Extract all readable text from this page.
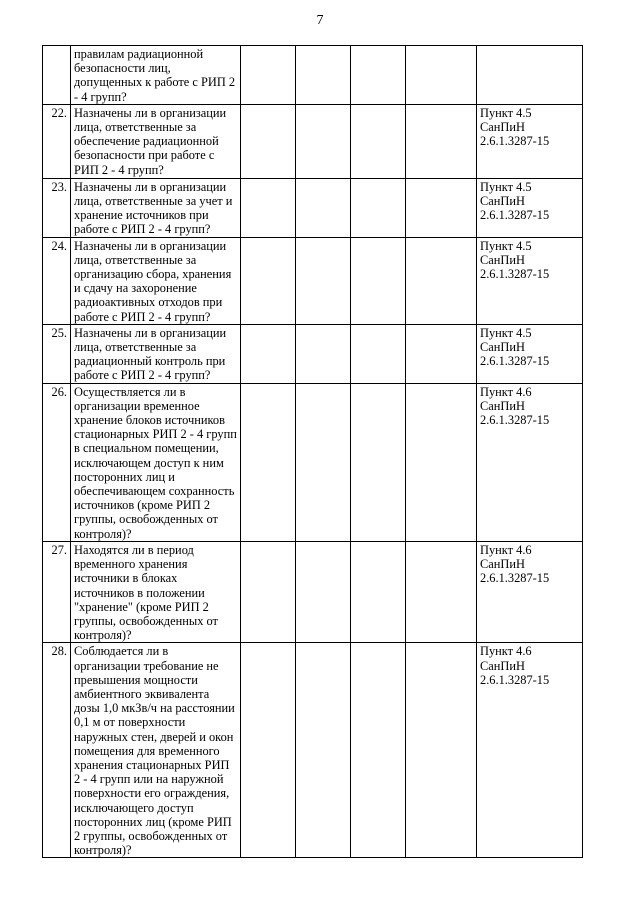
7
	правилам радиационной безопасности лиц, допущенных к работе с РИП 2 - 4 групп?					

22.	Назначены ли в организации лица, ответственные за обеспечение радиационной безопасности при работе с РИП 2 - 4 групп?					Пункт 4.5 СанПиН
2.6.1.3287-15

23.	Назначены ли в организации лица, ответственные за учет и хранение источников при работе с РИП 2 - 4 групп?					Пункт 4.5 СанПиН
2.6.1.3287-15

24.	Назначены ли в организации лица, ответственные за организацию сбора, хранения и сдачу на захоронение радиоактивных отходов при работе с РИП 2 - 4 групп?					Пункт 4.5 СанПиН
2.6.1.3287-15

25.	Назначены ли в организации лица, ответственные за радиационный контроль при работе с РИП 2 - 4 групп?					Пункт 4.5 СанПиН
2.6.1.3287-15

26.	Осуществляется ли в организации временное хранение блоков источников стационарных РИП 2 - 4 групп в специальном помещении, исключающем доступ к ним посторонних лиц и обеспечивающем сохранность источников (кроме РИП 2 группы, освобожденных от контроля)?					Пункт 4.6 СанПиН
2.6.1.3287-15

27.	Находятся ли в период временного хранения источники в блоках источников в положении "хранение" (кроме РИП 2 группы, освобожденных от контроля)?					Пункт 4.6 СанПиН
2.6.1.3287-15

28.	Соблюдается ли в организации требование не превышения мощности амбиентного эквивалента дозы 1,0 мкЗв/ч на расстоянии 0,1 м от поверхности наружных стен, дверей и окон помещения для временного хранения стационарных РИП 2 - 4 групп или на наружной поверхности его ограждения, исключающего доступ посторонних лиц (кроме РИП 2 группы, освобожденных от контроля)?					Пункт 4.6 СанПиН
2.6.1.3287-15
